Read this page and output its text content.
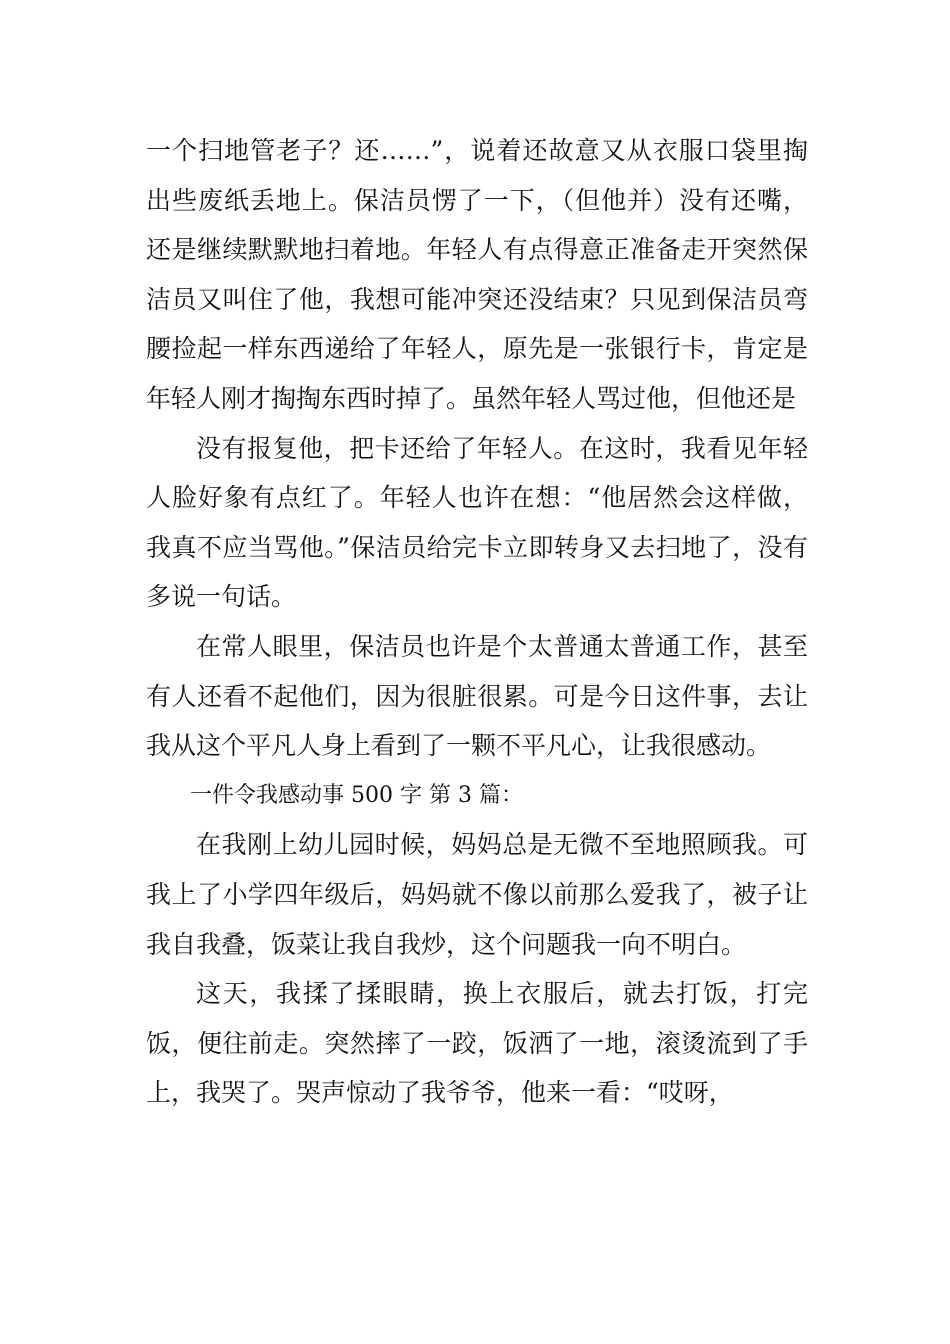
一个扫地管老子？还……”，说着还故意又从衣服口袋里掏出些废纸丢地上。保洁员愣了一下，（但他并）没有还嘴，还是继续默默地扫着地。年轻人有点得意正准备走开突然保洁员又叫住了他，我想可能冲突还没结束？只见到保洁员弯腰捡起一样东西递给了年轻人，原先是一张银行卡，肯定是年轻人刚才掏掏东西时掉了。虽然年轻人骂过他，但他还是

没有报复他，把卡还给了年轻人。在这时，我看见年轻人脸好象有点红了。年轻人也许在想：“他居然会这样做，我真不应当骂他。”保洁员给完卡立即转身又去扫地了，没有多说一句话。

在常人眼里，保洁员也许是个太普通太普通工作，甚至有人还看不起他们，因为很脏很累。可是今日这件事，去让我从这个平凡人身上看到了一颗不平凡心，让我很感动。

一件令我感动事 500 字 第 3 篇：

在我刚上幼儿园时候，妈妈总是无微不至地照顾我。可我上了小学四年级后，妈妈就不像以前那么爱我了，被子让我自我叠，饭菜让我自我炒，这个问题我一向不明白。

这天，我揉了揉眼睛，换上衣服后，就去打饭，打完饭，便往前走。突然摔了一跤，饭洒了一地，滚烫流到了手上，我哭了。哭声惊动了我爷爷，他来一看：“哎呀，
